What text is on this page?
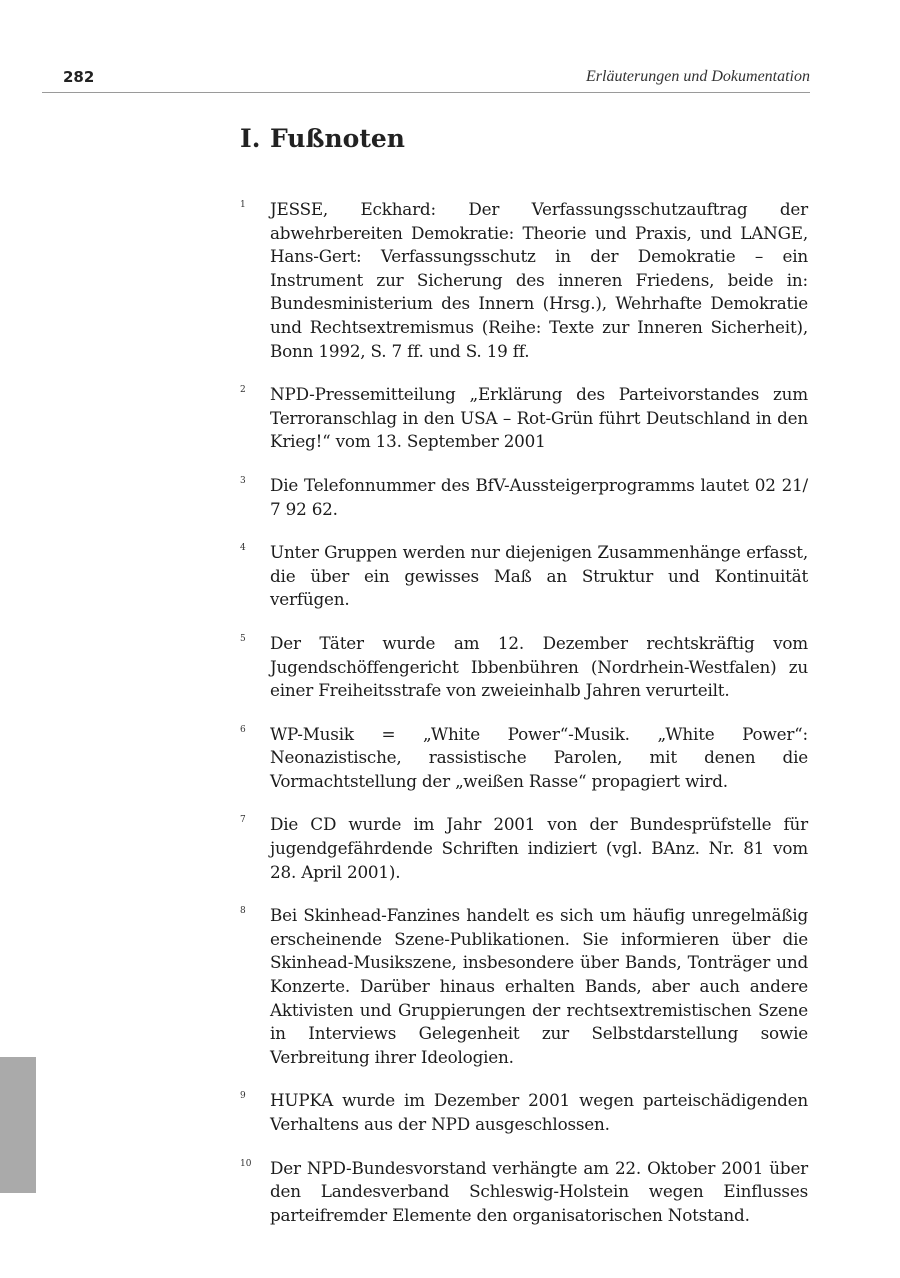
282	Erläuterungen und Dokumentation
I. Fußnoten
1 JESSE, Eckhard: Der Verfassungsschutzauftrag der abwehrbereiten Demokratie: Theorie und Praxis, und LANGE, Hans-Gert: Verfassungsschutz in der Demokratie – ein Instrument zur Sicherung des inneren Friedens, beide in: Bundesministerium des Innern (Hrsg.), Wehrhafte Demokratie und Rechtsextremismus (Reihe: Texte zur Inneren Sicherheit), Bonn 1992, S. 7 ff. und S. 19 ff.
2 NPD-Pressemitteilung „Erklärung des Parteivorstandes zum Terroranschlag in den USA – Rot-Grün führt Deutschland in den Krieg!“ vom 13. September 2001
3 Die Telefonnummer des BfV-Aussteigerprogramms lautet 02 21/ 7 92 62.
4 Unter Gruppen werden nur diejenigen Zusammenhänge erfasst, die über ein gewisses Maß an Struktur und Kontinuität verfügen.
5 Der Täter wurde am 12. Dezember rechtskräftig vom Jugendschöffengericht Ibbenbühren (Nordrhein-Westfalen) zu einer Freiheitsstrafe von zweieinhalb Jahren verurteilt.
6 WP-Musik = „White Power“-Musik. „White Power“: Neonazistische, rassistische Parolen, mit denen die Vormachtstellung der „weißen Rasse“ propagiert wird.
7 Die CD wurde im Jahr 2001 von der Bundesprüfstelle für jugendgefährdende Schriften indiziert (vgl. BAnz. Nr. 81 vom 28. April 2001).
8 Bei Skinhead-Fanzines handelt es sich um häufig unregelmäßig erscheinende Szene-Publikationen. Sie informieren über die Skinhead-Musikszene, insbesondere über Bands, Tonträger und Konzerte. Darüber hinaus erhalten Bands, aber auch andere Aktivisten und Gruppierungen der rechtsextremistischen Szene in Interviews Gelegenheit zur Selbstdarstellung sowie Verbreitung ihrer Ideologien.
9 HUPKA wurde im Dezember 2001 wegen parteischädigenden Verhaltens aus der NPD ausgeschlossen.
10 Der NPD-Bundesvorstand verhängte am 22. Oktober 2001 über den Landesverband Schleswig-Holstein wegen Einflusses parteifremder Elemente den organisatorischen Notstand.
